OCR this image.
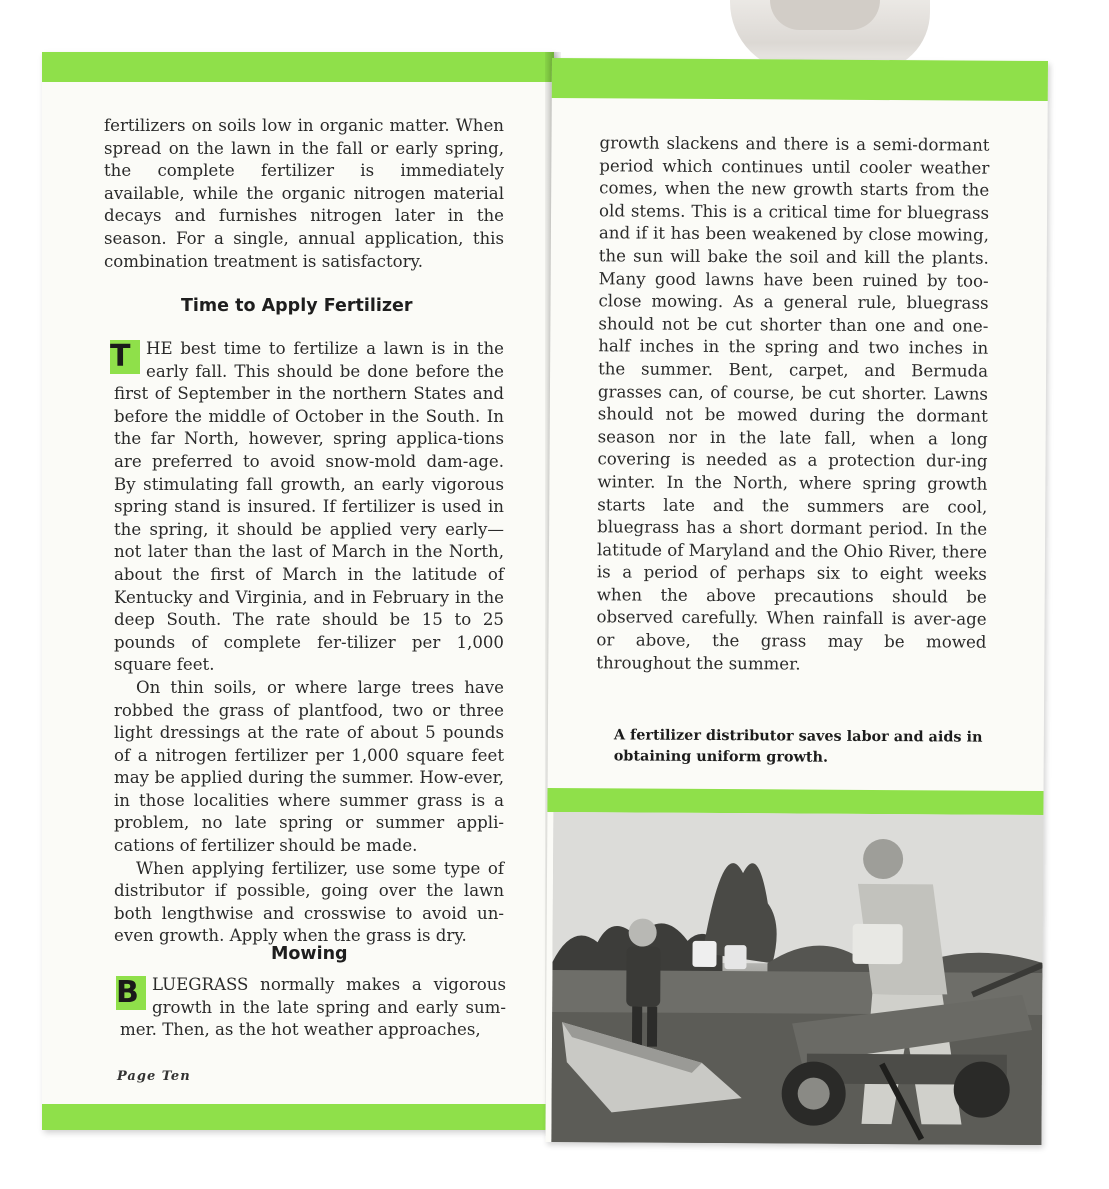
fertilizers on soils low in organic matter. When spread on the lawn in the fall or early spring, the complete fertilizer is immediately available, while the organic nitrogen material decays and furnishes nitrogen later in the season. For a single, annual application, this combination treatment is satisfactory.

Time to Apply Fertilizer

T HE best time to fertilize a lawn is in the early fall. This should be done before the first of September in the northern States and before the middle of October in the South. In the far North, however, spring applica-tions are preferred to avoid snow-mold dam-age. By stimulating fall growth, an early vigorous spring stand is insured. If fertilizer is used in the spring, it should be applied very early—not later than the last of March in the North, about the first of March in the latitude of Kentucky and Virginia, and in February in the deep South. The rate should be 15 to 25 pounds of complete fer-tilizer per 1,000 square feet.

On thin soils, or where large trees have robbed the grass of plantfood, two or three light dressings at the rate of about 5 pounds of a nitrogen fertilizer per 1,000 square feet may be applied during the summer. How-ever, in those localities where summer grass is a problem, no late spring or summer appli-cations of fertilizer should be made.

When applying fertilizer, use some type of distributor if possible, going over the lawn both lengthwise and crosswise to avoid un-even growth. Apply when the grass is dry.

Mowing

B LUEGRASS normally makes a vigorous growth in the late spring and early sum-mer. Then, as the hot weather approaches,

Page Ten

growth slackens and there is a semi-dormant period which continues until cooler weather comes, when the new growth starts from the old stems. This is a critical time for bluegrass and if it has been weakened by close mowing, the sun will bake the soil and kill the plants. Many good lawns have been ruined by too-close mowing. As a general rule, bluegrass should not be cut shorter than one and one-half inches in the spring and two inches in the summer. Bent, carpet, and Bermuda grasses can, of course, be cut shorter. Lawns should not be mowed during the dormant season nor in the late fall, when a long covering is needed as a protection dur-ing winter. In the North, where spring growth starts late and the summers are cool, bluegrass has a short dormant period. In the latitude of Maryland and the Ohio River, there is a period of perhaps six to eight weeks when the above precautions should be observed carefully. When rainfall is aver-age or above, the grass may be mowed throughout the summer.

A fertilizer distributor saves labor and aids in obtaining uniform growth.
